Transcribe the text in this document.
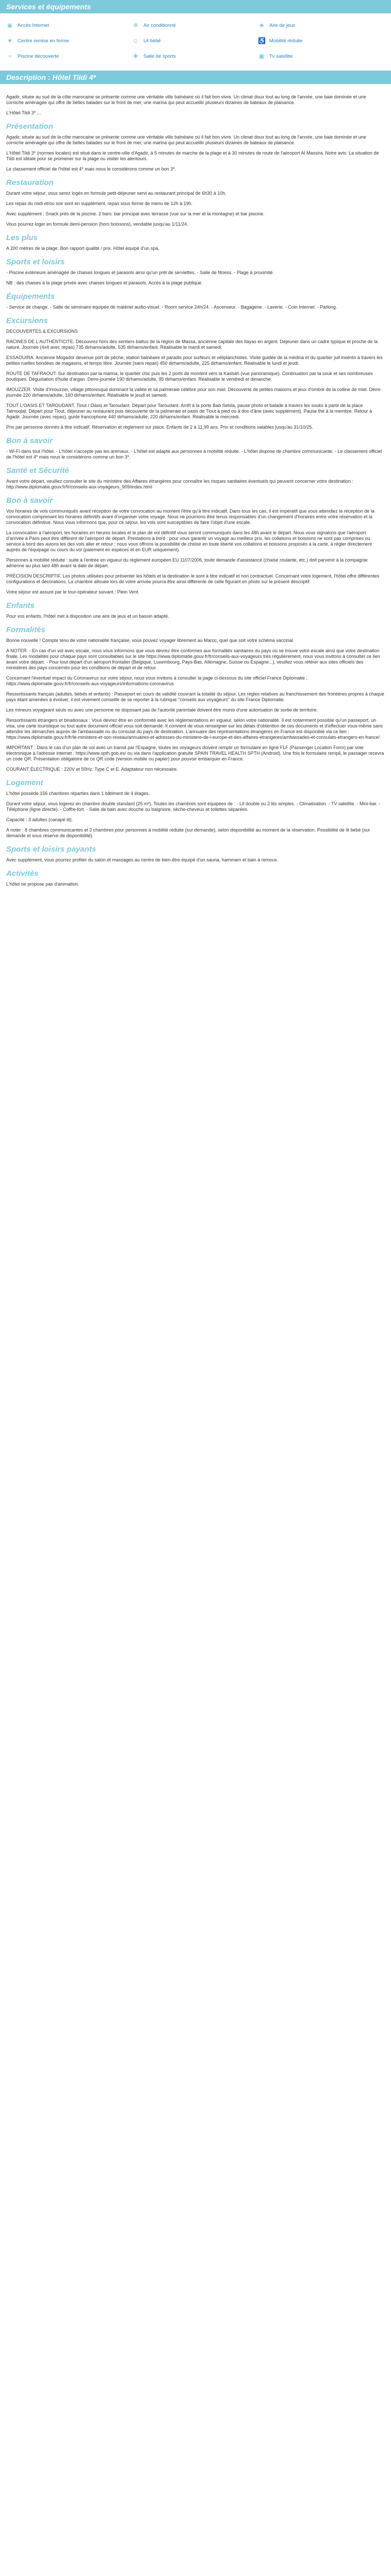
Services et équipements
◉ Accès Internet	❄ Air conditionné	♣	Aire de jeux
♥	Centre remise en forme	☺ Lit bébé	♿ Mobilité réduite
≈	Piscine découverte	✚ Salle de sports	▣ Tv satellite
Description : Hôtel Tildi 4*

Agadir, située au sud de la côte marocaine se présente comme une véritable ville balnéaire où il fait bon vivre. Un climat doux tout au long de l'année, une baie dominée et une corniche aménagée qui offre de belles balades sur le front de mer, une marina qui peut accueillir plusieurs dizaines de bateaux de plaisance.

L'Hôtel Tildi 3* ...

Présentation

Agadir, située au sud de la côte marocaine se présente comme une véritable ville balnéaire où il fait bon vivre. Un climat doux tout au long de l'année, une baie dominée et une corniche aménagée qui offre de belles balades sur le front de mer, une marina qui peut accueillir plusieurs dizaines de bateaux de plaisance.

L'Hôtel Tildi 3* (normes locales) est situé dans le centre-ville d'Agadir, à 5 minutes de marche de la plage et à 30 minutes de route de l'aéroport Al Massira. Notre avis: La situation de Tildi est idéale pour se promener sur la plage ou visiter les alentours.

Le classement officiel de l'hôtel est 4* mais nous le considérons comme un bon 3*.

Restauration

Durant votre séjour, vous serez logés en formule petit-déjeuner servi au restaurant principal de 6h30 à 10h.

Les repas du midi et/ou soir sont en supplément, repas sous forme de menu de 12h à 19h.

Avec supplément : Snack près de la piscine. 2 bars: bar principal avec terrasse (vue sur la mer et la montagne) et bar piscine.

Vous pourrez loger en formule demi-pension (hors boissons), vendable jusqu'au 1/11/24.

Les plus

A 200 mètres de la plage. Bon rapport qualité / prix. Hôtel équipé d'un spa.

Sports et loisirs

- Piscine extérieure aménagée de chaises longues et parasols ainsi qu'un prêt de serviettes. - Salle de fitness. - Plage à proximité.

NB : des chaises à la plage privée avec chaises longues et parasols. Accès à la plage publique.

Équipements

- Service de change. - Salle de séminaire équipée de matériel audio-visuel. - Room service 24h/24. - Ascenseur. - Bagagerie. - Laverie. - Coin Internet. - Parking.

Excursions

DECOUVERTES & EXCURSIONS

RACINES DE L'AUTHENTICITE. Découvrez hors des sentiers battus de la région de Massa, ancienne capitale des Ilayas en argent. Déjeuner dans un cadre typique et proche de la nature. Journée (4x4 avec repas) 735 dirhams/adulte, 535 dirhams/enfant. Réalisable le mardi et samedi.

ESSAOUIRA. Ancienne Mogador devenue port de pêche, station balnéaire et paradis pour surfeurs et véliplanchistes. Visite guidée de la médina et du quartier juif insérés à travers les petites ruelles bondées de magasins, et temps libre. Journée (sans repas) 450 dirhams/adulte, 225 dirhams/enfant. Réalisable le lundi et jeudi.

ROUTE DE TAFRAOUT. Sur destination par la marina, le quartier chic puis les 2 ports de montent vers la Kasbah (vue panoramique). Continuation par la souk et ses nombreuses boutiques. Dégustation d'huile d'argan. Demi-journée 190 dirhams/adulte, 95 dirhams/enfant. Réalisable le vendredi et dimanche.

IMOUZZER. Visite d'Imouzzer, village pittoresque dominant la vallée et sa palmeraie célèbre pour son miel. Découverte de petites maisons et jeux d'ombre de la colline de miel. Demi-journée 220 dirhams/adulte, 160 dirhams/enfant. Réalisable le jeudi et samedi.

TOUT L'OASIS ET TAROUDANT. Tiout / Oasis et Taroudant. Départ pour Taroudant. Arrêt à la porte Bab Selsla, pause photo et balade à travers les souks à partir de la place Talmoqlat. Départ pour Tiout, déjeuner au restaurant puis découverte de la palmeraie et oasis de Tiout à pied ou à dos d'âne (avec supplément). Pause thé à la membre. Retour à Agadir. Journée (avec repas), guide francophone 440 dirhams/adulte, 220 dirhams/enfant. Réalisable le mercredi.

Prix par personne donnés à titre indicatif. Réservation et règlement sur place. Enfants de 2 à 11,99 ans. Prix et conditions valables jusqu'au 31/10/25.

Bon à savoir

- Wi-Fi dans tout l'hôtel. - L'hôtel n'accepte pas les animaux. - L'hôtel est adapté aux personnes à mobilité réduite. - L'hôtel dispose de chambre communicante. - Le classement officiel de l'hôtel est 4* mais nous le considérons comme un bon 3*.

Santé et Sécurité

Avant votre départ, veuillez consulter le site du ministère des Affaires étrangères pour connaître les risques sanitaires éventuels qui peuvent concerner votre destination : http://www.diplomatie.gouv.fr/fr/conseils-aux-voyageurs_909/index.html

Bon à savoir

Vos horaires de vols communiqués avant réception de votre convocation au moment l'être qu'à titre indicatif. Dans tous les cas, il est impératif que vous attendiez la réception de la convocation comprenant les horaires définitifs avant d'organiser votre voyage. Nous ne pourrions être tenus responsables d'un changement d'horaires entre votre réservation et la convocation définitive. Nous vous informons que, pour ce séjour, les vols sont susceptibles de faire l'objet d'une escale.

La convocation à l'aéroport, les horaires en heures locales et le plan de vol définitif vous seront communiqués dans les 48h avant le départ. Nous vous signalons que l'aéroport d'arrivée à Paris peut être différent de l'aéroport de départ. Prestations à bord : pour vous garantir un voyage au meilleur prix, les collations et boissons ne sont pas comprises ou service à bord des avions les des vols aller et retour ; nous vous offrons la possibilité de choisir en toute liberté vos collations et boissons proposés à la carte, à régler directement auprès de l'équipage ou cours du vol (paiement en espèces et en EUR uniquement).

Personnes à mobilité réduite : suite à l'entrée en vigueur du règlement européen EU 1107/2006, toute demande d'assistance (chaise roulante, etc.) doit parvenir à la compagnie aérienne au plus tard 48h avant la date de départ.

PRÉCISION DESCRIPTIF. Les photos utilisées pour présenter les hôtels et la destination le sont à titre indicatif et non contractuel. Concernant votre logement, l'hôtel offre différentes configurations et décorations. La chambre allouée lors de votre arrivée pourra être ainsi différente de celle figurant en photo sur le présent descriptif.

Votre séjour est assuré par le tour-opérateur suivant : Plein Vent.

Enfants

Pour vos enfants, l'hôtel met à disposition une aire de jeux et un bassin adapté.

Formalités

Bonne nouvelle ! Compte tenu de votre nationalité française, vous pouvez voyager librement au Maroc, quel que soit votre schéma vaccinal.

A NOTER. - En cas d'un vol avec escale, nous vous informons que vous devrez être conformes aux formalités sanitaires du pays où se trouve votre escale ainsi que votre destination finale. Les modalités pour chaque pays sont consultables sur le site https://www.diplomatie.gouv.fr/fr/conseils-aux-voyageurs très régulièrement, nous vous invitons à consulter ce lien avant votre départ. - Pour tout départ d'un aéroport frontalier (Belgique, Luxembourg, Pays-Bas, Allemagne, Suisse ou Espagne...), veuillez vous référer aux sites officiels des ministères des pays concernés pour les conditions de départ et de retour.

Concernant l'éventuel impact du Coronavirus sur votre séjour, nous vous invitons à consulter la page ci-dessous du site officiel France Diplomatie : https://www.diplomatie.gouv.fr/fr/conseils-aux-voyageurs/informations-coronavirus

Ressortissants français (adultes, bébés et enfants) : Passeport en cours de validité couvrant la totalité du séjour. Les règles relatives au franchissement des frontières propres à chaque pays étant amenées à évoluer, il est vivement conseillé de se reporter à la rubrique "conseils aux voyageurs" du site France Diplomatie.

Les mineurs voyageant seuls ou avec une personne ne disposant pas de l'autorité parentale doivent être munis d'une autorisation de sortie de territoire.

Ressortissants étrangers et binationaux : Vous devrez être en conformité avec les réglementations en vigueur, selon votre nationalité. Il est notamment possible qu'un passeport, un visa, une carte touristique ou tout autre document officiel vous soit demandé. Il convient de vous renseigner sur les délais d'obtention de ces documents et d'effectuer vous-même sans attendre les démarches auprès de l'ambassade ou du consulat du pays de destination. L'annuaire des représentations étrangères en France est disponible via ce lien : https://www.diplomatie.gouv.fr/fr/le-ministere-et-son-reseau/annuaires-et-adresses-du-ministere-de-l-europe-et-des-affaires-etrangeres/ambassades-et-consulats-etrangers-en-france/

IMPORTANT : Dans le cas d'un plan de vol avec un transit par l'Espagne, toutes les voyageurs doivent remplir un formulaire en ligne FLF (Passenger Location Form) par voie électronique à l'adresse internet : https://www.spth.gob.es/ ou via dans l'application gratuite SPAIN TRAVEL HEALTH SPTH (Android). Une fois le formulaire rempli, le passager recevra un code QR. Présentation obligatoire de ce QR code (version mobile ou papier) pour pouvoir embarquer en France.

COURANT ÉLECTRIQUE : 220V et 50Hz. Type C et E. Adaptateur non nécessaire.

Logement

L'hôtel possède 156 chambres réparties dans 1 bâtiment de 4 étages.

Durant votre séjour, vous logerez en chambre double standard (25 m²). Toutes les chambres sont équipées de : - Lit double ou 2 lits simples. - Climatisation. - TV satellite. - Mini-bar. - Téléphone (ligne directe). - Coffre-fort. - Salle de bain avec douche ou baignoire, sèche-cheveux et toilettes séparées.

Capacité : 3 adultes (canapé lit).

A noter : 8 chambres communicantes et 2 chambres pour personnes à mobilité réduite (sur demande), selon disponibilité au moment de la réservation. Possibilité de lit bébé (sur demande et sous réserve de disponibilité).

Sports et loisirs payants

Avec supplément, vous pourrez profiter du salon et massages au centre de bien-être équipé d'un sauna, hammam et bain à remous.

Activités

L'hôtel ne propose pas d'animation.
